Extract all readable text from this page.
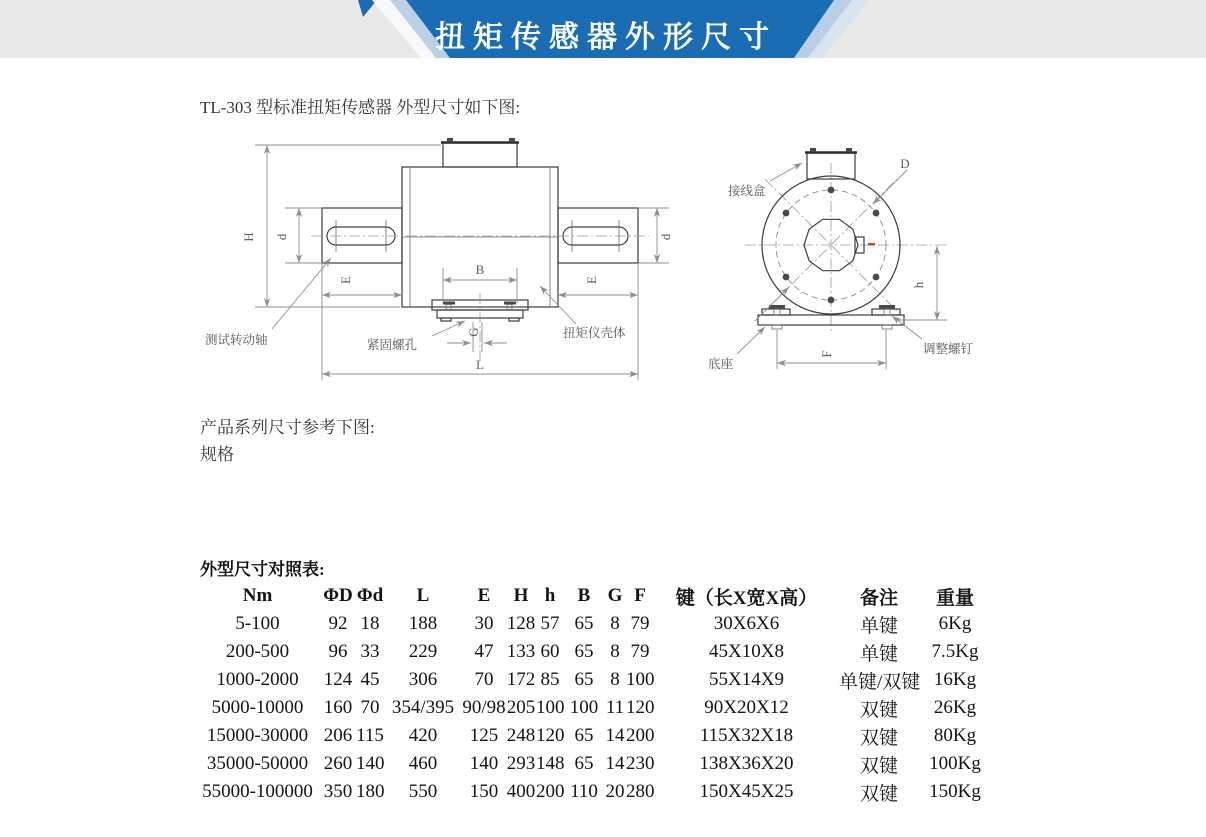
扭矩传感器外形尺寸
TL-303 型标准扭矩传感器 外型尺寸如下图:
H d	d
B
E	E
G
L
测试转动轴	紧固螺孔
扭矩仪壳体
D
h
F
接线盒
底座
调整螺钉
产品系列尺寸参考下图:
规格
外型尺寸对照表:
Nm	ΦD	Φd	L	E	H	h	B	G	F	键（长X宽X高）	备注	重量
5-100	92	18	188	30	128	57	65	8	79	30X6X6	单键	6Kg
200-500	96	33	229	47	133	60	65	8	79	45X10X8	单键	7.5Kg
1000-2000	124	45	306	70	172	85	65	8	100	55X14X9	单键/双键	16Kg
5000-10000	160	70	354/395	90/98	205	100	100	11	120	90X20X12	双键	26Kg
15000-30000	206	115	420	125	248	120	65	14	200	115X32X18	双键	80Kg
35000-50000	260	140	460	140	293	148	65	14	230	138X36X20	双键	100Kg
55000-100000	350	180	550	150	400	200	110	20	280	150X45X25	双键	150Kg
